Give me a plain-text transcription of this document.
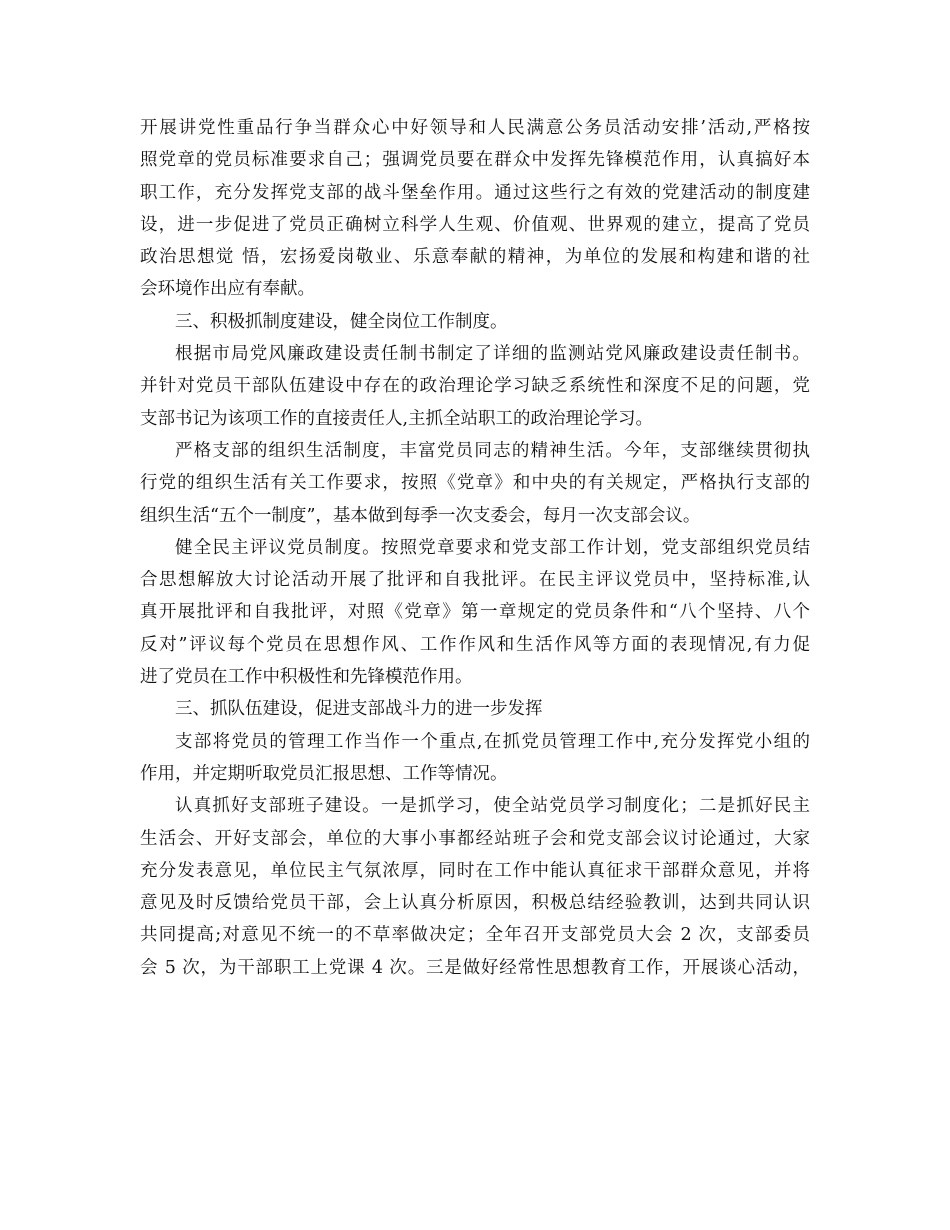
开展讲党性重品行争当群众心中好领导和人民满意公务员活动安排’活动,严格按
照党章的党员标准要求自己；强调党员要在群众中发挥先锋模范作用，认真搞好本
职工作，充分发挥党支部的战斗堡垒作用。通过这些行之有效的党建活动的制度建
设，进一步促进了党员正确树立科学人生观、价值观、世界观的建立，提高了党员
政治思想觉 悟，宏扬爱岗敬业、乐意奉献的精神，为单位的发展和构建和谐的社
会环境作出应有奉献。
三、积极抓制度建设，健全岗位工作制度。
根据市局党风廉政建设责任制书制定了详细的监测站党风廉政建设责任制书。
并针对党员干部队伍建设中存在的政治理论学习缺乏系统性和深度不足的问题，党
支部书记为该项工作的直接责任人,主抓全站职工的政治理论学习。
严格支部的组织生活制度，丰富党员同志的精神生活。今年，支部继续贯彻执
行党的组织生活有关工作要求，按照《党章》和中央的有关规定，严格执行支部的
组织生活“五个一制度”，基本做到每季一次支委会，每月一次支部会议。
健全民主评议党员制度。按照党章要求和党支部工作计划，党支部组织党员结
合思想解放大讨论活动开展了批评和自我批评。在民主评议党员中，坚持标准,认
真开展批评和自我批评，对照《党章》第一章规定的党员条件和“八个坚持、八个
反对”评议每个党员在思想作风、工作作风和生活作风等方面的表现情况,有力促
进了党员在工作中积极性和先锋模范作用。
三、抓队伍建设，促进支部战斗力的进一步发挥
支部将党员的管理工作当作一个重点,在抓党员管理工作中,充分发挥党小组的
作用，并定期听取党员汇报思想、工作等情况。
认真抓好支部班子建设。一是抓学习，使全站党员学习制度化；二是抓好民主
生活会、开好支部会，单位的大事小事都经站班子会和党支部会议讨论通过，大家
充分发表意见，单位民主气氛浓厚，同时在工作中能认真征求干部群众意见，并将
意见及时反馈给党员干部，会上认真分析原因，积极总结经验教训，达到共同认识
共同提高;对意见不统一的不草率做决定；全年召开支部党员大会 2 次，支部委员
会 5 次，为干部职工上党课 4 次。三是做好经常性思想教育工作，开展谈心活动，
